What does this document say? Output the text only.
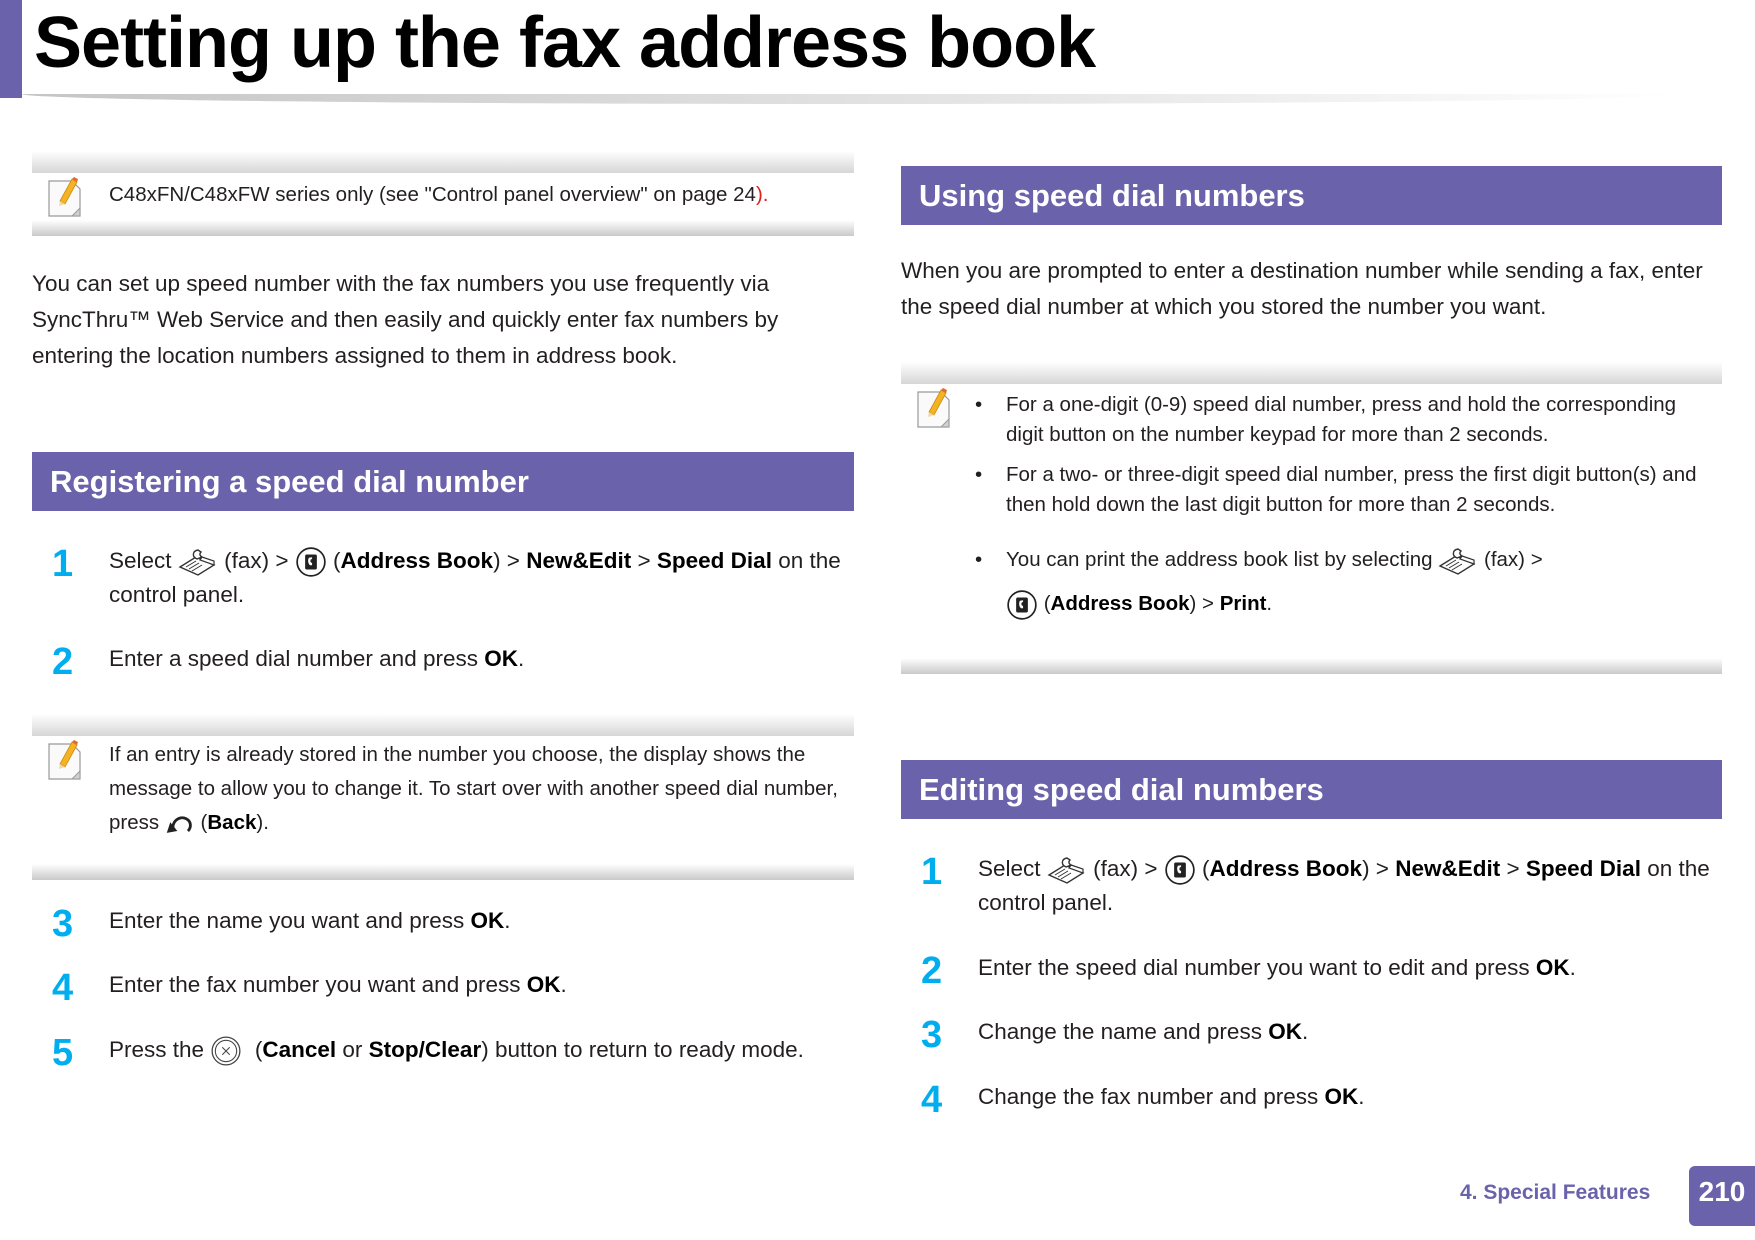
Setting up the fax address book
C48xFN/C48xFW series only (see "Control panel overview" on page 24).

You can set up speed number with the fax numbers you use frequently via SyncThru™ Web Service and then easily and quickly enter fax numbers by entering the location numbers assigned to them in address book.

Registering a speed dial number
1	Select (fax) > (Address Book) > New&Edit > Speed Dial on the control panel.
2	Enter a speed dial number and press OK.
If an entry is already stored in the number you choose, the display shows the message to allow you to change it. To start over with another speed dial number, press (Back).
3	Enter the name you want and press OK.
4	Enter the fax number you want and press OK.
5	Press the (Cancel or Stop/Clear) button to return to ready mode.
Using speed dial numbers

When you are prompted to enter a destination number while sending a fax, enter the speed dial number at which you stored the number you want.

• For a one-digit (0-9) speed dial number, press and hold the corresponding digit button on the number keypad for more than 2 seconds.
• For a two- or three-digit speed dial number, press the first digit button(s) and then hold down the last digit button for more than 2 seconds.
• You can print the address book list by selecting	(fax) >
(Address Book) > Print.
Editing speed dial numbers
1	Select (fax) > (Address Book) > New&Edit > Speed Dial on the control panel.
2	Enter the speed dial number you want to edit and press OK.
3	Change the name and press OK.
4	Change the fax number and press OK.
4. Special Features	210
